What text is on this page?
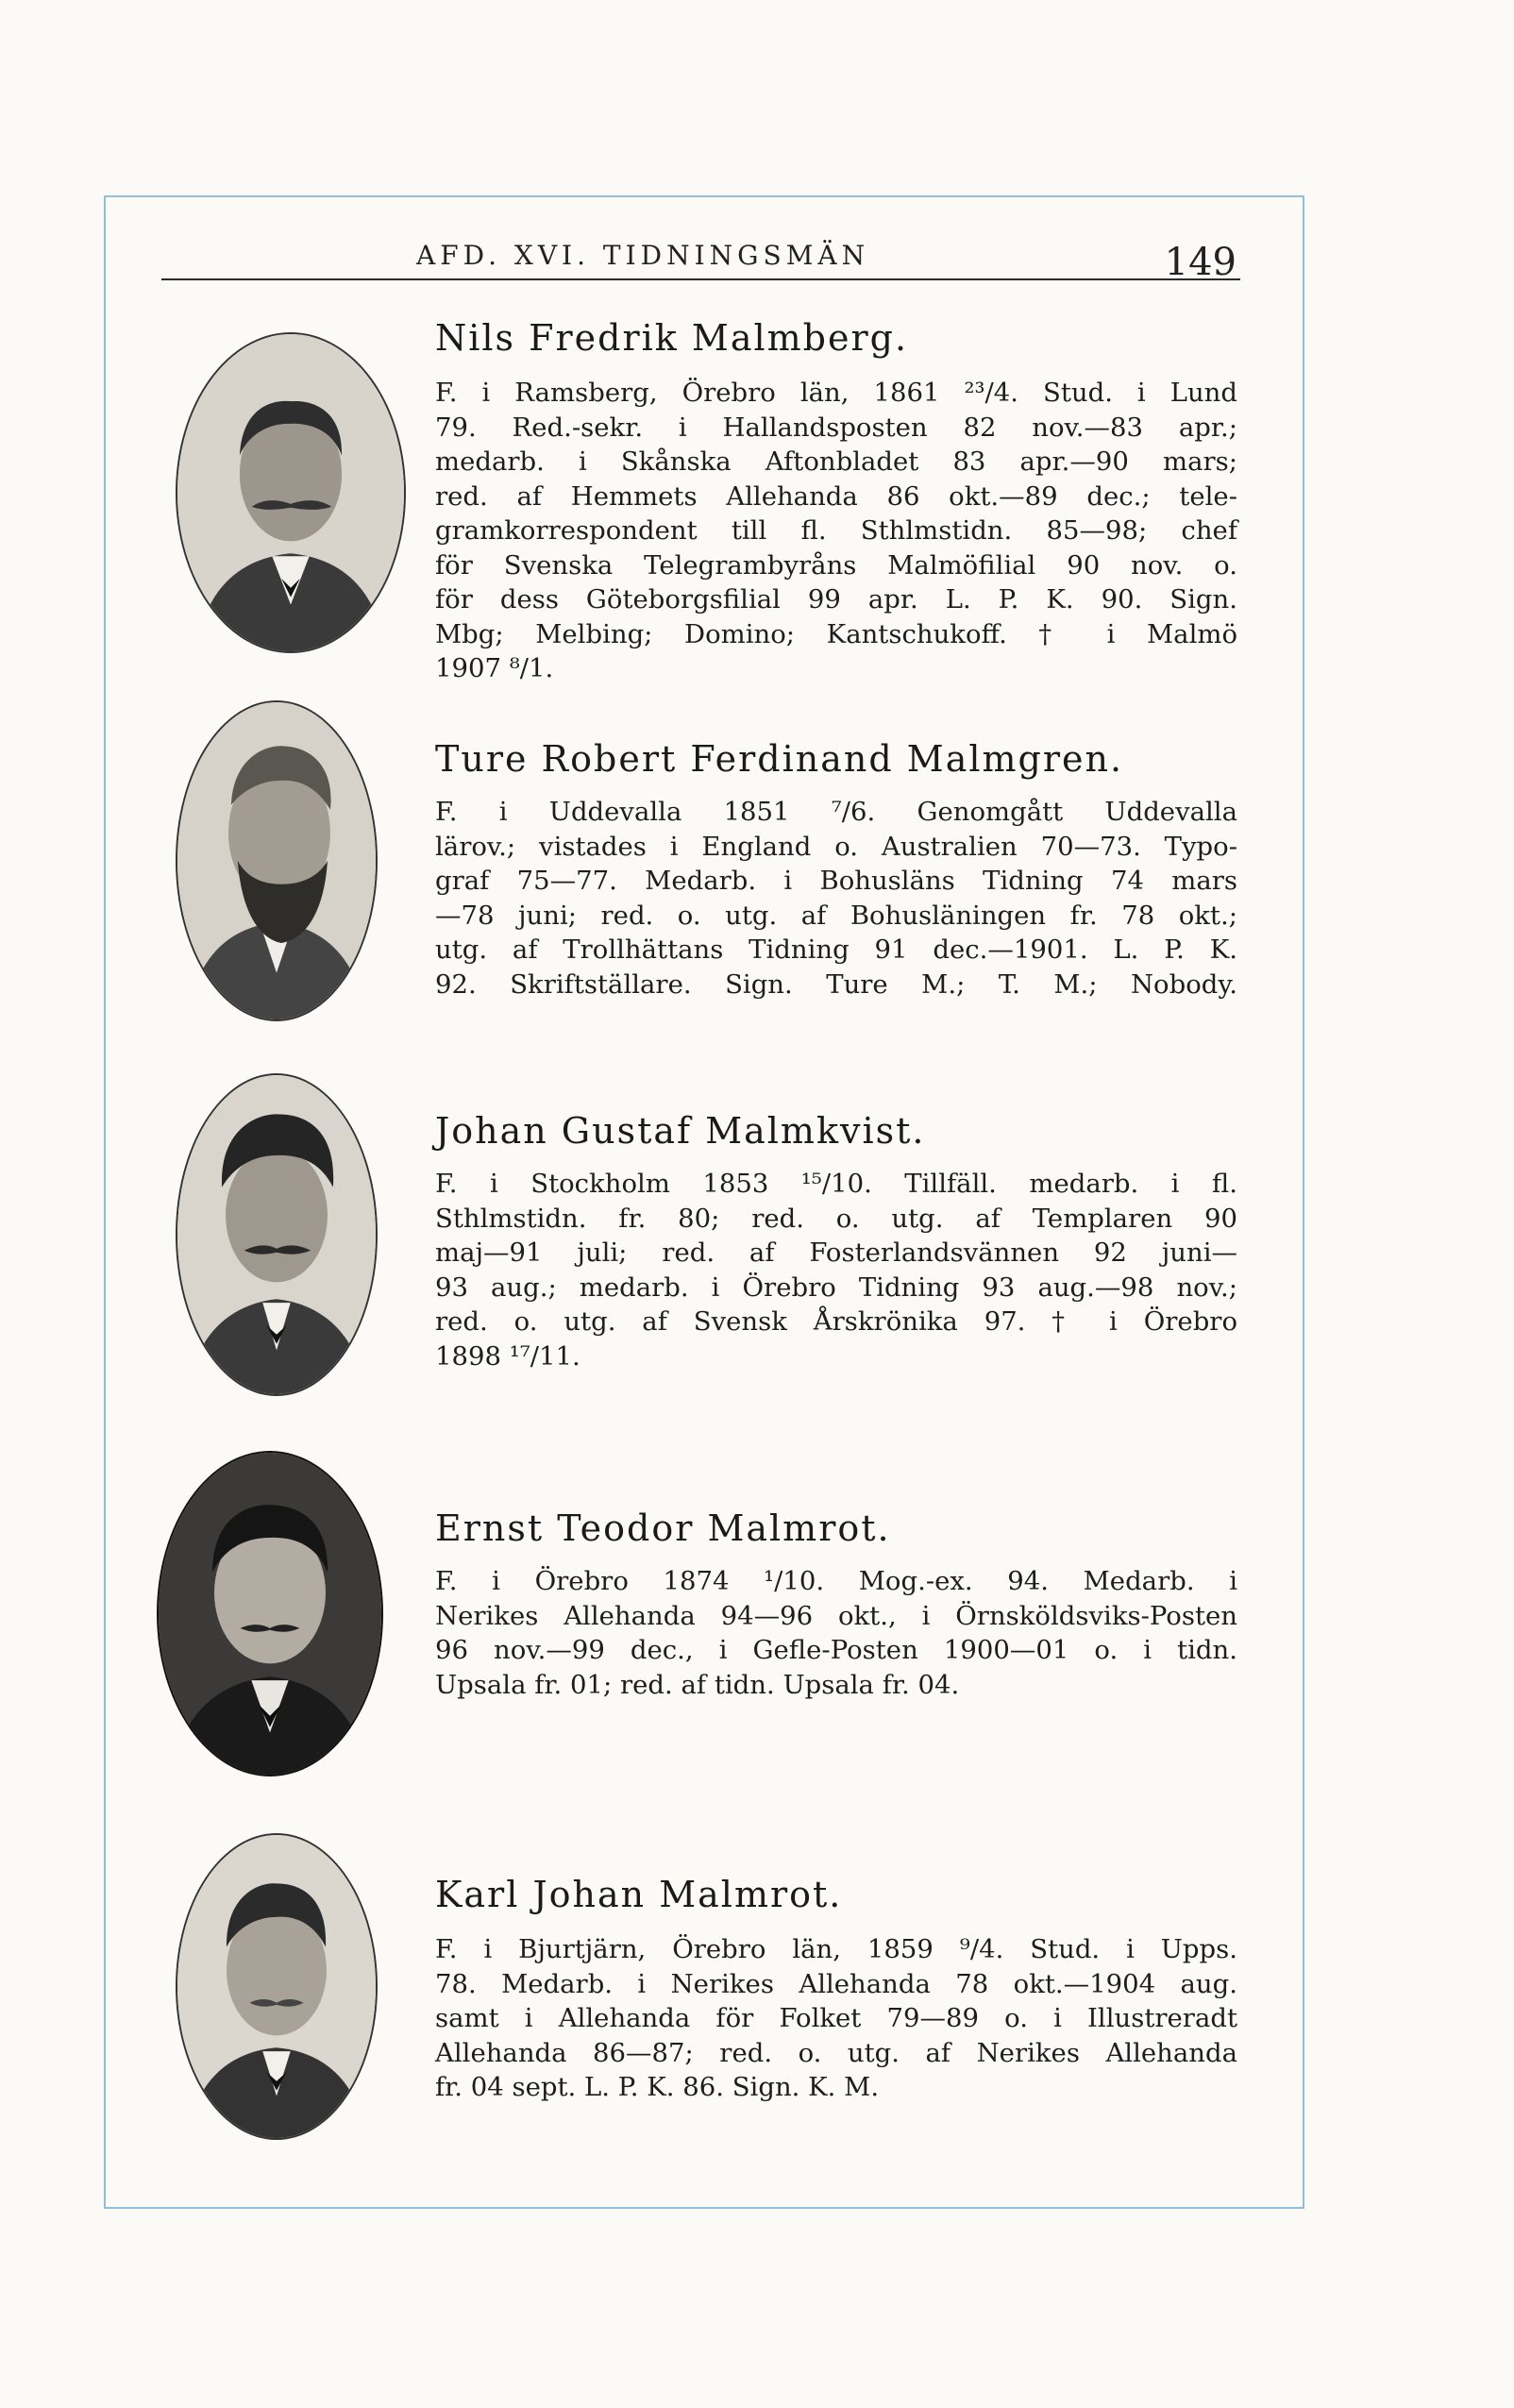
AFD. XVI. TIDNINGSMÄN	149
Nils Fredrik Malmberg.
F. i Ramsberg, Örebro län, 1861 ²³/4. Stud. i Lund
79. Red.-sekr. i Hallandsposten 82 nov.—83 apr.;
medarb. i Skånska Aftonbladet 83 apr.—90 mars;
red. af Hemmets Allehanda 86 okt.—89 dec.; tele-
gramkorrespondent till fl. Sthlmstidn. 85—98; chef
för Svenska Telegrambyråns Malmöfilial 90 nov. o.
för dess Göteborgsfilial 99 apr. L. P. K. 90. Sign.
Mbg; Melbing; Domino; Kantschukoff. † i Malmö
1907 ⁸/1.
Ture Robert Ferdinand Malmgren.
F. i Uddevalla 1851 ⁷/6. Genomgått Uddevalla
lärov.; vistades i England o. Australien 70—73. Typo-
graf 75—77. Medarb. i Bohusläns Tidning 74 mars
—78 juni; red. o. utg. af Bohusläningen fr. 78 okt.;
utg. af Trollhättans Tidning 91 dec.—1901. L. P. K.
92. Skriftställare. Sign. Ture M.; T. M.; Nobody.
Johan Gustaf Malmkvist.
F. i Stockholm 1853 ¹⁵/10. Tillfäll. medarb. i fl.
Sthlmstidn. fr. 80; red. o. utg. af Templaren 90
maj—91 juli; red. af Fosterlandsvännen 92 juni—
93 aug.; medarb. i Örebro Tidning 93 aug.—98 nov.;
red. o. utg. af Svensk Årskrönika 97. † i Örebro
1898 ¹⁷/11.
Ernst Teodor Malmrot.
F. i Örebro 1874 ¹/10. Mog.-ex. 94. Medarb. i
Nerikes Allehanda 94—96 okt., i Örnsköldsviks-Posten
96 nov.—99 dec., i Gefle-Posten 1900—01 o. i tidn.
Upsala fr. 01; red. af tidn. Upsala fr. 04.
Karl Johan Malmrot.
F. i Bjurtjärn, Örebro län, 1859 ⁹/4. Stud. i Upps.
78. Medarb. i Nerikes Allehanda 78 okt.—1904 aug.
samt i Allehanda för Folket 79—89 o. i Illustreradt
Allehanda 86—87; red. o. utg. af Nerikes Allehanda
fr. 04 sept. L. P. K. 86. Sign. K. M.
